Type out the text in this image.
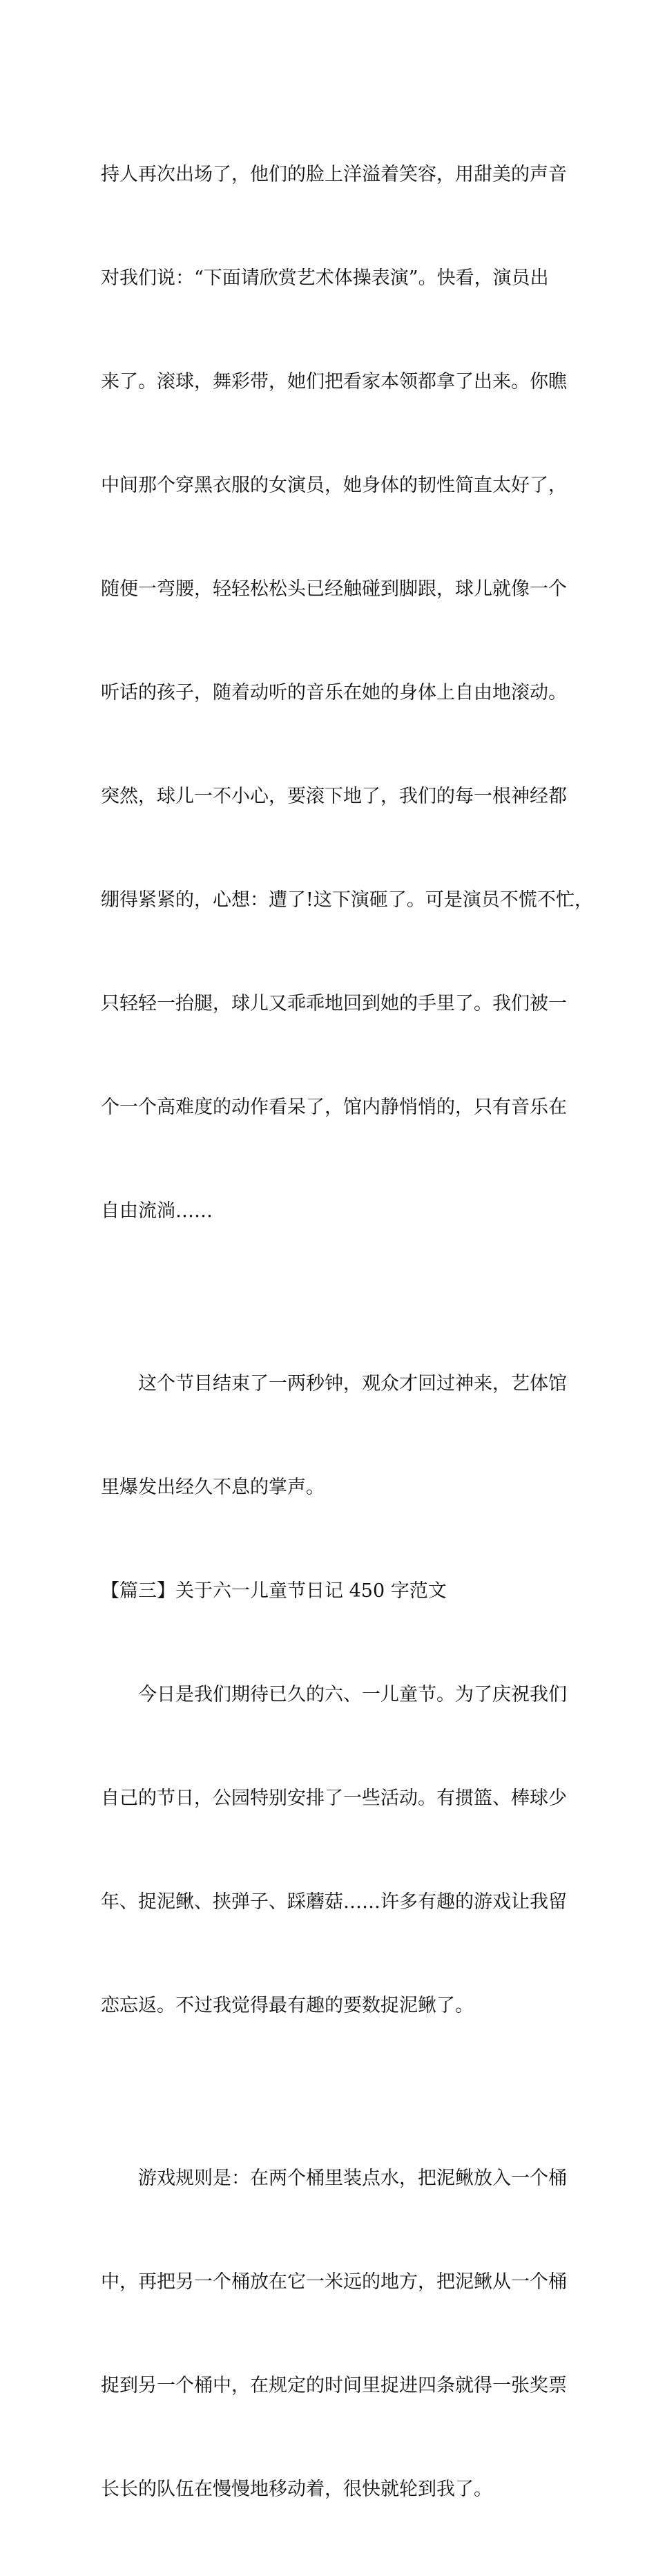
持人再次出场了，他们的脸上洋溢着笑容，用甜美的声音

对我们说：“下面请欣赏艺术体操表演”。快看，演员出

来了。滚球，舞彩带，她们把看家本领都拿了出来。你瞧

中间那个穿黑衣服的女演员，她身体的韧性简直太好了，

随便一弯腰，轻轻松松头已经触碰到脚跟，球儿就像一个

听话的孩子，随着动听的音乐在她的身体上自由地滚动。

突然，球儿一不小心，要滚下地了，我们的每一根神经都

绷得紧紧的，心想：遭了!这下演砸了。可是演员不慌不忙，

只轻轻一抬腿，球儿又乖乖地回到她的手里了。我们被一

个一个高难度的动作看呆了，馆内静悄悄的，只有音乐在

自由流淌……

　　这个节目结束了一两秒钟，观众才回过神来，艺体馆

里爆发出经久不息的掌声。

【篇三】关于六一儿童节日记 450 字范文

　　今日是我们期待已久的六、一儿童节。为了庆祝我们

自己的节日，公园特别安排了一些活动。有掼篮、棒球少

年、捉泥鳅、挟弹子、踩蘑菇……许多有趣的游戏让我留

恋忘返。不过我觉得最有趣的要数捉泥鳅了。

　　游戏规则是：在两个桶里装点水，把泥鳅放入一个桶

中，再把另一个桶放在它一米远的地方，把泥鳅从一个桶

捉到另一个桶中，在规定的时间里捉进四条就得一张奖票

长长的队伍在慢慢地移动着，很快就轮到我了。
